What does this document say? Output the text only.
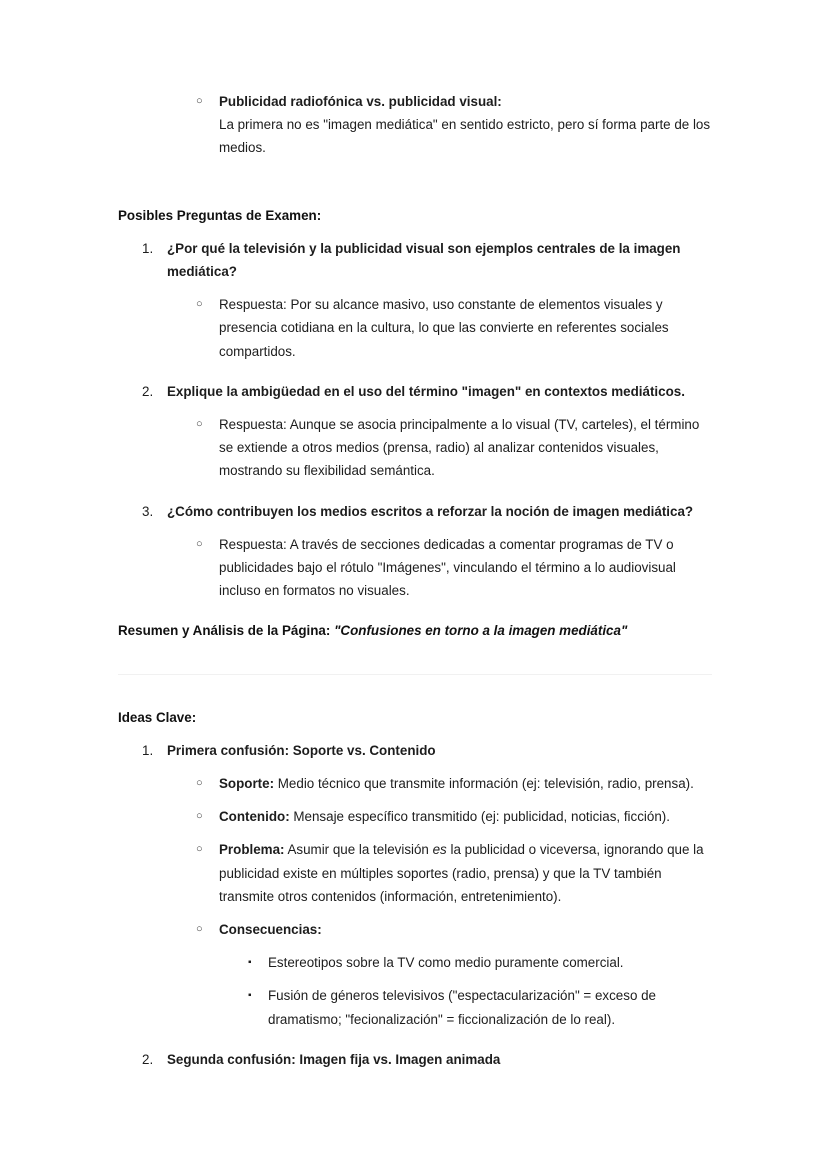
○	Publicidad radiofónica vs. publicidad visual:
La primera no es "imagen mediática" en sentido estricto, pero sí forma parte de los medios.
Posibles Preguntas de Examen:
1.	¿Por qué la televisión y la publicidad visual son ejemplos centrales de la imagen mediática?
○	Respuesta: Por su alcance masivo, uso constante de elementos visuales y presencia cotidiana en la cultura, lo que las convierte en referentes sociales compartidos.
2.	Explique la ambigüedad en el uso del término "imagen" en contextos mediáticos.
○	Respuesta: Aunque se asocia principalmente a lo visual (TV, carteles), el término se extiende a otros medios (prensa, radio) al analizar contenidos visuales, mostrando su flexibilidad semántica.
3.	¿Cómo contribuyen los medios escritos a reforzar la noción de imagen mediática?
○	Respuesta: A través de secciones dedicadas a comentar programas de TV o publicidades bajo el rótulo "Imágenes", vinculando el término a lo audiovisual incluso en formatos no visuales.
Resumen y Análisis de la Página: "Confusiones en torno a la imagen mediática"
Ideas Clave:
1.	Primera confusión: Soporte vs. Contenido
○	Soporte: Medio técnico que transmite información (ej: televisión, radio, prensa).
○	Contenido: Mensaje específico transmitido (ej: publicidad, noticias, ficción).
○	Problema: Asumir que la televisión es la publicidad o viceversa, ignorando que la publicidad existe en múltiples soportes (radio, prensa) y que la TV también transmite otros contenidos (información, entretenimiento).
○	Consecuencias:
▪	Estereotipos sobre la TV como medio puramente comercial.
▪	Fusión de géneros televisivos ("espectacularización" = exceso de dramatismo; "fecionalización" = ficcionalización de lo real).
2.	Segunda confusión: Imagen fija vs. Imagen animada
